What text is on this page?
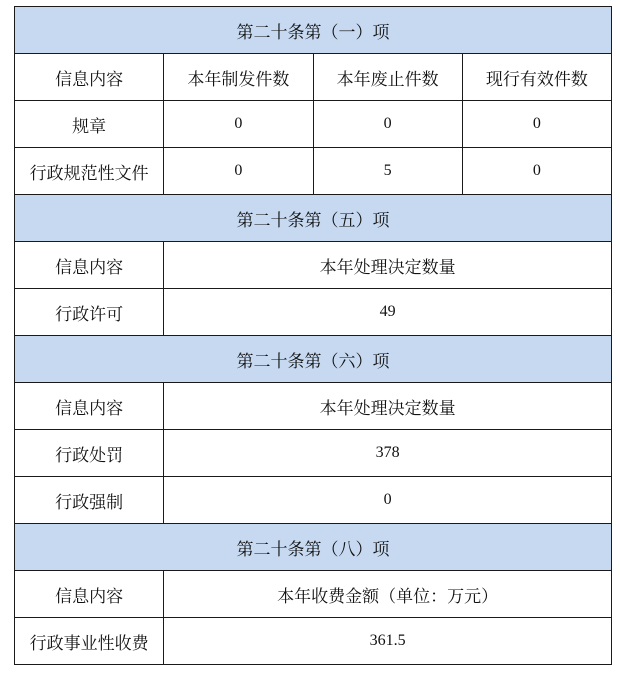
第二十条第（一）项			
信息内容	本年制发件数	本年废止件数	现行有效件数
规章	0	0	0
行政规范性文件	0	5	0
第二十条第（五）项			
信息内容	本年处理决定数量		
行政许可	49		
第二十条第（六）项			
信息内容	本年处理决定数量		
行政处罚	378		
行政强制	0		
第二十条第（八）项			
信息内容	本年收费金额（单位：万元）		
行政事业性收费	361.5		
